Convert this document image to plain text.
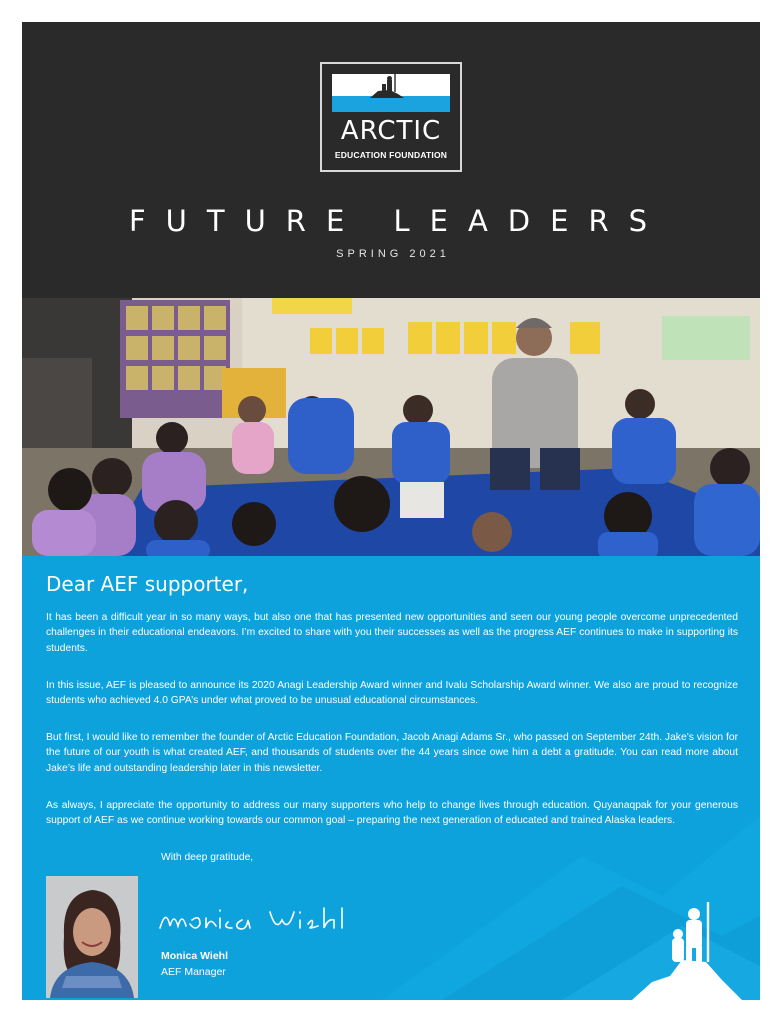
ARCTIC
EDUCATION FOUNDATION
FUTURE LEADERS
SPRING 2021
Dear AEF supporter,

It has been a difficult year in so many ways, but also one that has presented new opportunities and seen our young people overcome unprecedented challenges in their educational endeavors. I’m excited to share with you their successes as well as the progress AEF continues to make in supporting its students.

In this issue, AEF is pleased to announce its 2020 Anagi Leadership Award winner and Ivalu Scholarship Award winner. We also are proud to recognize students who achieved 4.0 GPA’s under what proved to be unusual educational circumstances.

But first, I would like to remember the founder of Arctic Education Foundation, Jacob Anagi Adams Sr., who passed on September 24th. Jake’s vision for the future of our youth is what created AEF, and thousands of students over the 44 years since owe him a debt a gratitude. You can read more about Jake’s life and outstanding leadership later in this newsletter.

As always, I appreciate the opportunity to address our many supporters who help to change lives through education. Quyanaqpak for your generous support of AEF as we continue working towards our common goal – preparing the next generation of educated and trained Alaska leaders.

With deep gratitude,
Monica Wiehl
AEF Manager
